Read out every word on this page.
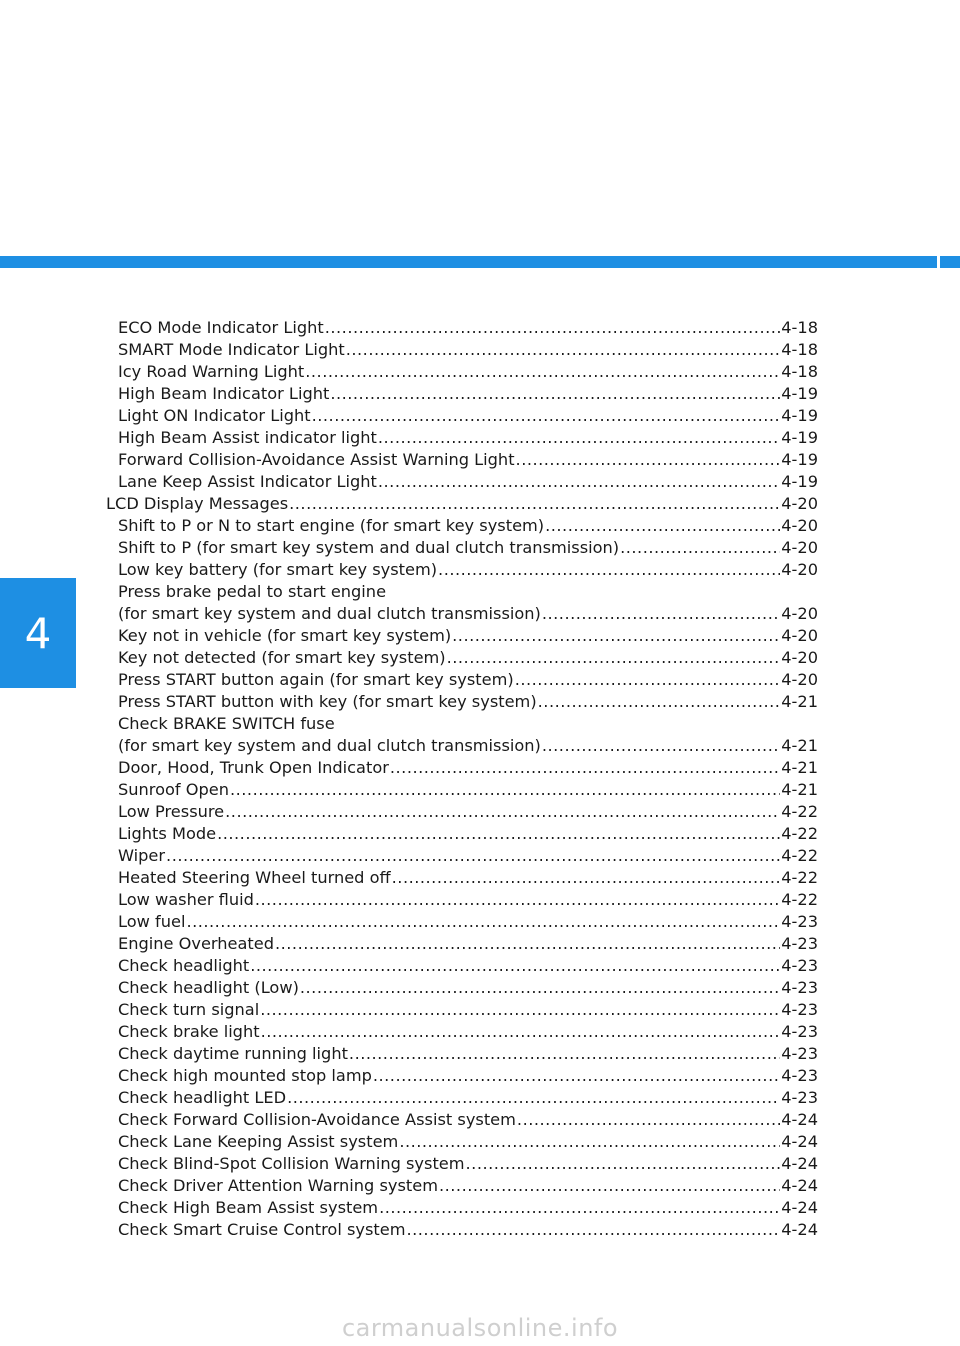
4
ECO Mode Indicator Light .....	4-18
SMART Mode Indicator Light .....	4-18
Icy Road Warning Light .....	4-18
High Beam Indicator Light .....	4-19
Light ON Indicator Light .....	4-19
High Beam Assist indicator light .....	4-19
Forward Collision-Avoidance Assist Warning Light .....	4-19
Lane Keep Assist Indicator Light .....	4-19
LCD Display Messages .....	4-20
Shift to P or N to start engine (for smart key system) .....	4-20
Shift to P (for smart key system and dual clutch transmission) .....	4-20
Low key battery (for smart key system) .....	4-20
Press brake pedal to start engine
(for smart key system and dual clutch transmission) .....	4-20
Key not in vehicle (for smart key system) .....	4-20
Key not detected (for smart key system) .....	4-20
Press START button again (for smart key system) .....	4-20
Press START button with key (for smart key system) .....	4-21
Check BRAKE SWITCH fuse
(for smart key system and dual clutch transmission) .....	4-21
Door, Hood, Trunk Open Indicator .....	4-21
Sunroof Open .....	4-21
Low Pressure .....	4-22
Lights Mode .....	4-22
Wiper .....	4-22
Heated Steering Wheel turned off .....	4-22
Low washer fluid .....	4-22
Low fuel .....	4-23
Engine Overheated .....	4-23
Check headlight .....	4-23
Check headlight (Low) .....	4-23
Check turn signal .....	4-23
Check brake light .....	4-23
Check daytime running light .....	4-23
Check high mounted stop lamp .....	4-23
Check headlight LED .....	4-23
Check Forward Collision-Avoidance Assist system .....	4-24
Check Lane Keeping Assist system .....	4-24
Check Blind-Spot Collision Warning system .....	4-24
Check Driver Attention Warning system .....	4-24
Check High Beam Assist system .....	4-24
Check Smart Cruise Control system .....	4-24
carmanualsonline.info
